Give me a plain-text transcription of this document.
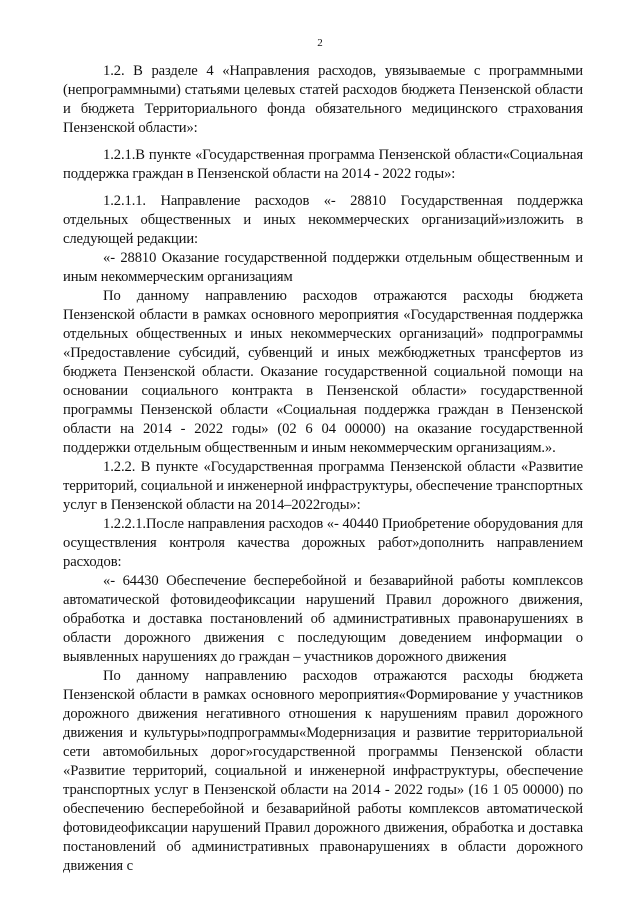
2

1.2. В разделе 4 «Направления расходов, увязываемые с программными (непрограммными) статьями целевых статей расходов бюджета Пензенской области и бюджета Территориального фонда обязательного медицинского страхования Пензенской области»:

1.2.1.В пункте «Государственная программа Пензенской области«Социальная поддержка граждан в Пензенской области на 2014 - 2022 годы»:

1.2.1.1. Направление расходов «- 28810 Государственная поддержка отдельных общественных и иных некоммерческих организаций»изложить в следующей редакции:

«- 28810 Оказание государственной поддержки отдельным общественным и иным некоммерческим организациям

По данному направлению расходов отражаются расходы бюджета Пензенской области в рамках основного мероприятия «Государственная поддержка отдельных общественных и иных некоммерческих организаций» подпрограммы «Предоставление субсидий, субвенций и иных межбюджетных трансфертов из бюджета Пензенской области. Оказание государственной социальной помощи на основании социального контракта в Пензенской области» государственной программы Пензенской области «Социальная поддержка граждан в Пензенской области на 2014 - 2022 годы» (02 6 04 00000) на оказание государственной поддержки отдельным общественным и иным некоммерческим организациям.».

1.2.2. В пункте «Государственная программа Пензенской области «Развитие территорий, социальной и инженерной инфраструктуры, обеспечение транспортных услуг в Пензенской области на 2014–2022годы»:

1.2.2.1.После направления расходов «- 40440 Приобретение оборудования для осуществления контроля качества дорожных работ»дополнить направлением расходов:

«- 64430 Обеспечение бесперебойной и безаварийной работы комплексов автоматической фотовидеофиксации нарушений Правил дорожного движения, обработка и доставка постановлений об административных правонарушениях в области дорожного движения с последующим доведением информации о выявленных нарушениях до граждан – участников дорожного движения

По данному направлению расходов отражаются расходы бюджета Пензенской области в рамках основного мероприятия«Формирование у участников дорожного движения негативного отношения к нарушениям правил дорожного движения и культуры»подпрограммы«Модернизация и развитие территориальной сети автомобильных дорог»государственной программы Пензенской области «Развитие территорий, социальной и инженерной инфраструктуры, обеспечение транспортных услуг в Пензенской области на 2014 - 2022 годы» (16 1 05 00000) по обеспечению бесперебойной и безаварийной работы комплексов автоматической фотовидеофиксации нарушений Правил дорожного движения, обработка и доставка постановлений об административных правонарушениях в области дорожного движения с
